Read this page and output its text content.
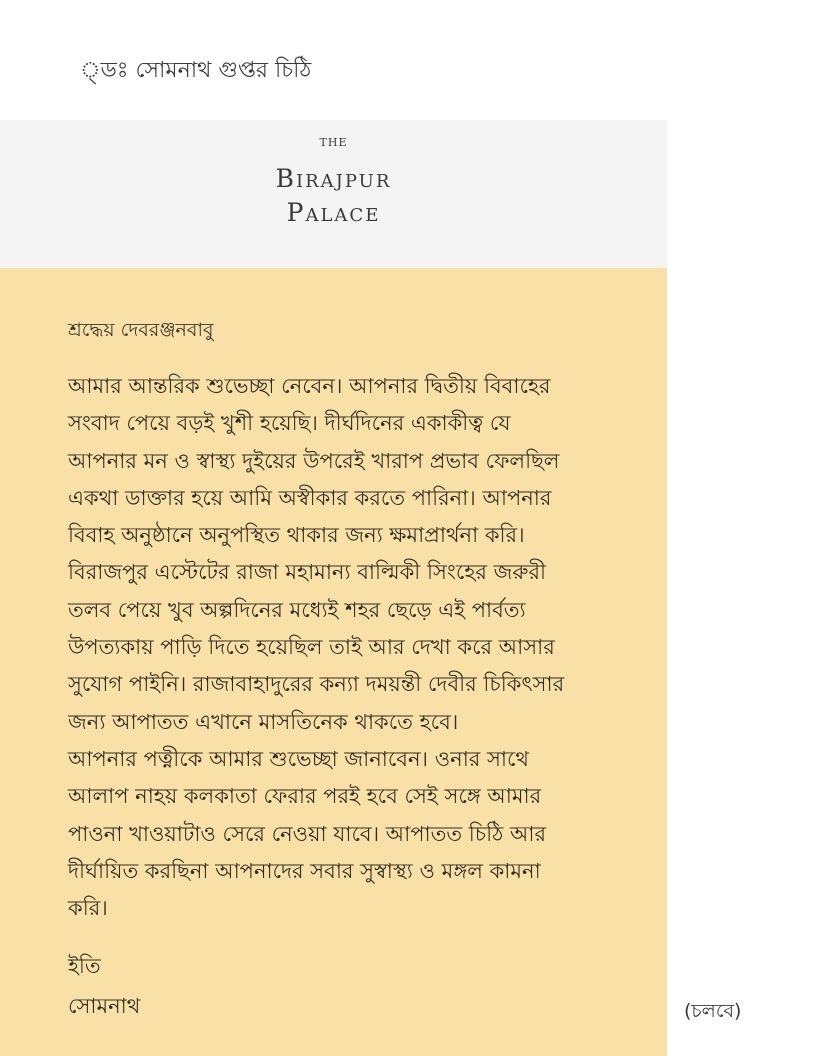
্ডঃ সোমনাথ গুপ্তর চিঠি
THE
Birajpur
Palace
শ্রদ্ধেয় দেবরঞ্জনবাবু
আমার আন্তরিক শুভেচ্ছা নেবেন। আপনার দ্বিতীয় বিবাহের
সংবাদ পেয়ে বড়ই খুশী হয়েছি। দীর্ঘদিনের একাকীত্ব যে
আপনার মন ও স্বাস্থ্য দুইয়ের উপরেই খারাপ প্রভাব ফেলছিল
একথা ডাক্তার হয়ে আমি অস্বীকার করতে পারিনা। আপনার
বিবাহ অনুষ্ঠানে অনুপস্থিত থাকার জন্য ক্ষমাপ্রার্থনা করি।
বিরাজপুর এস্টেটের রাজা মহামান্য বাল্মিকী সিংহের জরুরী
তলব পেয়ে খুব অল্পদিনের মধ্যেই শহর ছেড়ে এই পার্বত্য
উপত্যকায় পাড়ি দিতে হয়েছিল তাই আর দেখা করে আসার
সুযোগ পাইনি। রাজাবাহাদুরের কন্যা দময়ন্তী দেবীর চিকিৎসার
জন্য আপাতত এখানে মাসতিনেক থাকতে হবে।
আপনার পত্নীকে আমার শুভেচ্ছা জানাবেন। ওনার সাথে
আলাপ নাহয় কলকাতা ফেরার পরই হবে সেই সঙ্গে আমার
পাওনা খাওয়াটাও সেরে নেওয়া যাবে। আপাতত চিঠি আর
দীর্ঘায়িত করছিনা আপনাদের সবার সুস্বাস্থ্য ও মঙ্গল কামনা
করি।
ইতি
সোমনাথ	(চলবে)
